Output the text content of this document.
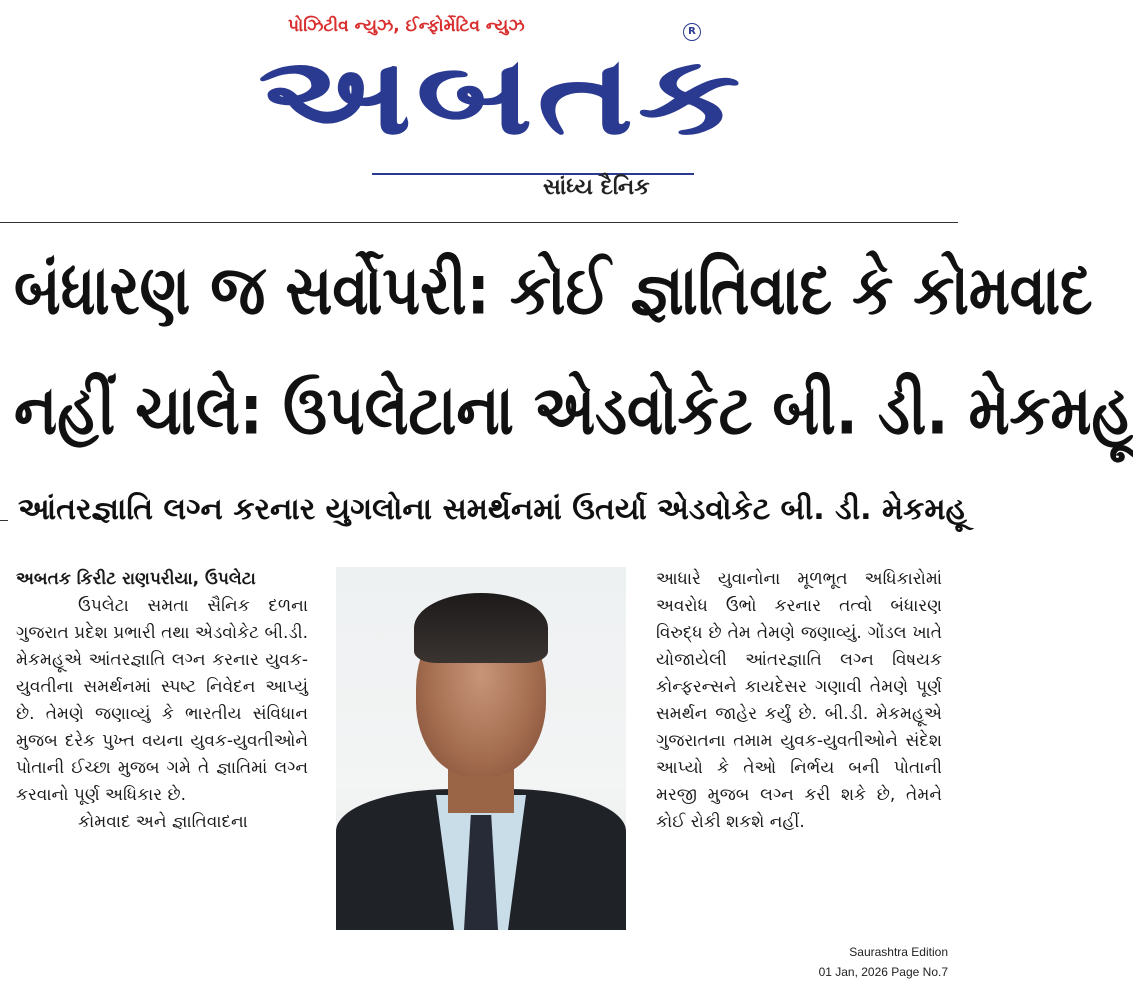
પોઝિટીવ ન્યુઝ, ઈન્ફોર્મેટિવ ન્યુઝ	R
અબતક
સાંધ્ય દૈનિક
બંધારણ જ સર્વોપરી: કોઈ જ્ઞાતિવાદ કે કોમવાદ
નહીં ચાલે: ઉપલેટાના એડવોકેટ બી. ડી. મેકમહૂ
આંતરજ્ઞાતિ લગ્ન કરનાર યુગલોના સમર્થનમાં ઉતર્યા એડવોકેટ બી. ડી. મેકમહૂ
અબતક કિરીટ રાણપરીયા, ઉપલેટા
ઉપલેટા સમતા સૈનિક દળના ગુજરાત પ્રદેશ પ્રભારી તથા એડવોકેટ બી.ડી. મેકમહૂએ આંતરજ્ઞાતિ લગ્ન કરનાર યુવક-યુવતીના સમર્થનમાં સ્પષ્ટ નિવેદન આપ્યું છે. તેમણે જણાવ્યું કે ભારતીય સંવિધાન મુજબ દરેક પુખ્ત વયના યુવક-યુવતીઓને પોતાની ઈચ્છા મુજબ ગમે તે જ્ઞાતિમાં લગ્ન કરવાનો પૂર્ણ અધિકાર છે.
કોમવાદ અને જ્ઞાતિવાદના
આધારે યુવાનોના મૂળભૂત અધિકારોમાં અવરોધ ઉભો કરનાર તત્વો બંધારણ વિરુદ્ધ છે તેમ તેમણે જણાવ્યું. ગોંડલ ખાતે યોજાયેલી આંતરજ્ઞાતિ લગ્ન વિષયક કોન્ફરન્સને કાયદેસર ગણાવી તેમણે પૂર્ણ સમર્થન જાહેર કર્યું છે. બી.ડી. મેકમહૂએ ગુજરાતના તમામ યુવક-યુવતીઓને સંદેશ આપ્યો કે તેઓ નિર્ભય બની પોતાની મરજી મુજબ લગ્ન કરી શકે છે, તેમને કોઈ રોકી શકશે નહીં.
Saurashtra Edition
01 Jan, 2026 Page No.7
